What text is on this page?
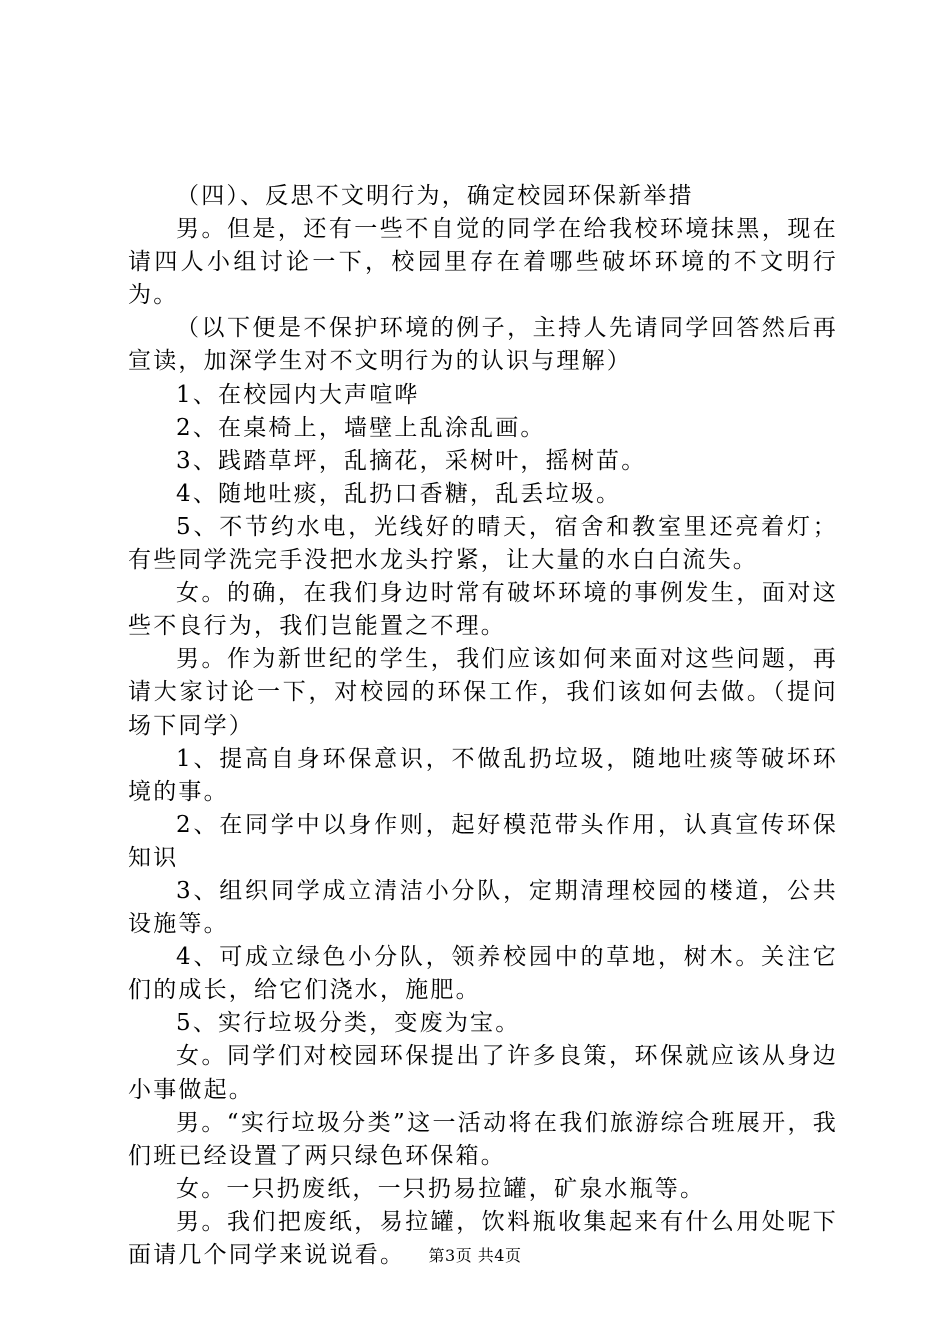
（四）、反思不文明行为，确定校园环保新举措

男。但是，还有一些不自觉的同学在给我校环境抹黑，现在请四人小组讨论一下，校园里存在着哪些破坏环境的不文明行为。

（以下便是不保护环境的例子，主持人先请同学回答然后再宣读，加深学生对不文明行为的认识与理解）

1、在校园内大声喧哗

2、在桌椅上，墙壁上乱涂乱画。

3、践踏草坪，乱摘花，采树叶，摇树苗。

4、随地吐痰，乱扔口香糖，乱丢垃圾。

5、不节约水电，光线好的晴天，宿舍和教室里还亮着灯；有些同学洗完手没把水龙头拧紧，让大量的水白白流失。

女。的确，在我们身边时常有破坏环境的事例发生，面对这些不良行为，我们岂能置之不理。

男。作为新世纪的学生，我们应该如何来面对这些问题，再请大家讨论一下，对校园的环保工作，我们该如何去做。（提问场下同学）

1、提高自身环保意识，不做乱扔垃圾，随地吐痰等破坏环境的事。

2、在同学中以身作则，起好模范带头作用，认真宣传环保知识

3、组织同学成立清洁小分队，定期清理校园的楼道，公共设施等。

4、可成立绿色小分队，领养校园中的草地，树木。关注它们的成长，给它们浇水，施肥。

5、实行垃圾分类，变废为宝。

女。同学们对校园环保提出了许多良策，环保就应该从身边小事做起。

男。“实行垃圾分类”这一活动将在我们旅游综合班展开，我们班已经设置了两只绿色环保箱。

女。一只扔废纸，一只扔易拉罐，矿泉水瓶等。

男。我们把废纸，易拉罐，饮料瓶收集起来有什么用处呢下面请几个同学来说说看。	第3页 共4页
